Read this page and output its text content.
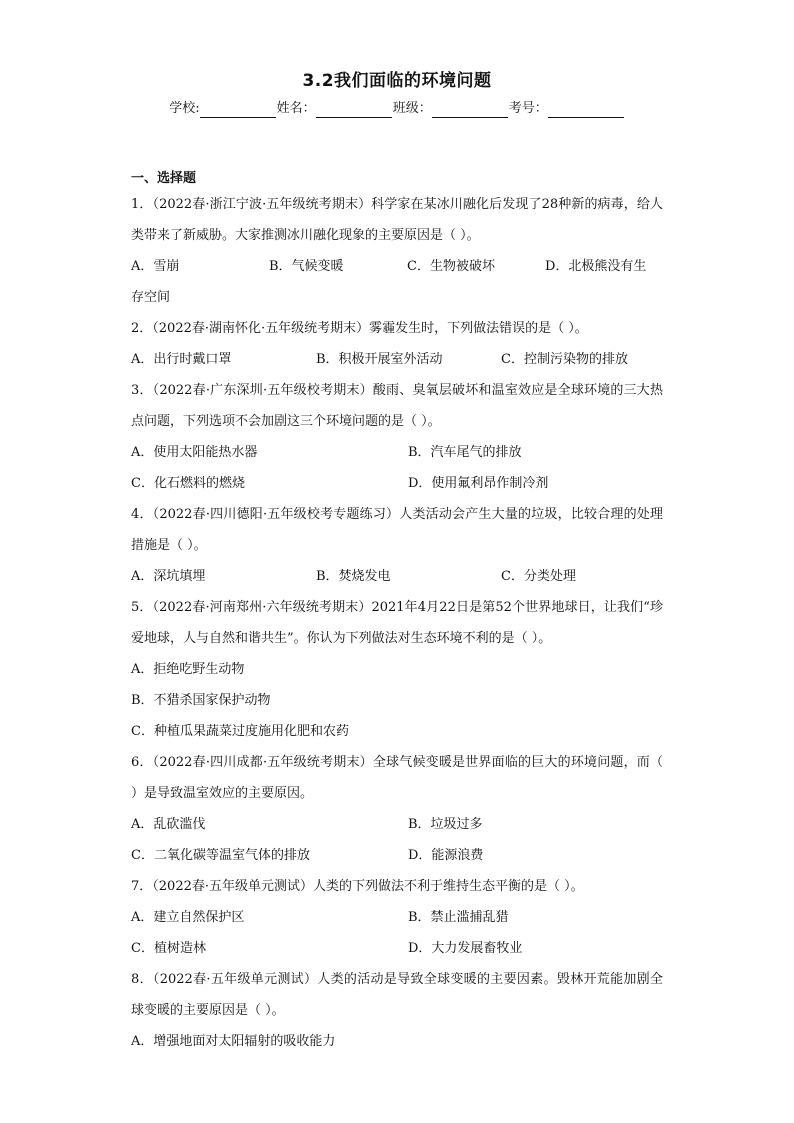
3.2我们面临的环境问题
学校:	姓名：	班级：	考号：
一、选择题

1．（2022春·浙江宁波·五年级统考期末）科学家在某冰川融化后发现了28种新的病毒，给人类带来了新威胁。大家推测冰川融化现象的主要原因是（ ）。

A．雪崩	B．气候变暖	C．生物被破坏	D．北极熊没有生

存空间

2．（2022春·湖南怀化·五年级统考期末）雾霾发生时，下列做法错误的是（ ）。

A．出行时戴口罩	B．积极开展室外活动	C．控制污染物的排放

3．（2022春·广东深圳·五年级校考期末）酸雨、臭氧层破坏和温室效应是全球环境的三大热点问题，下列选项不会加剧这三个环境问题的是（ ）。

A．使用太阳能热水器	B．汽车尾气的排放
C．化石燃料的燃烧	D．使用氟利昂作制冷剂

4．（2022春·四川德阳·五年级校考专题练习）人类活动会产生大量的垃圾，比较合理的处理措施是（ ）。

A．深坑填埋	B．焚烧发电	C．分类处理

5．（2022春·河南郑州·六年级统考期末）2021年4月22日是第52个世界地球日，让我们“珍爱地球，人与自然和谐共生”。你认为下列做法对生态环境不利的是（ ）。

A．拒绝吃野生动物
B．不猎杀国家保护动物
C．种植瓜果蔬菜过度施用化肥和农药

6．（2022春·四川成都·五年级统考期末）全球气候变暖是世界面临的巨大的环境问题，而（ ）是导致温室效应的主要原因。

A．乱砍滥伐	B．垃圾过多
C．二氧化碳等温室气体的排放	D．能源浪费

7．（2022春·五年级单元测试）人类的下列做法不利于维持生态平衡的是（ ）。

A．建立自然保护区	B．禁止滥捕乱猎
C．植树造林	D．大力发展畜牧业

8．（2022春·五年级单元测试）人类的活动是导致全球变暖的主要因素。毁林开荒能加剧全球变暖的主要原因是（ ）。

A．增强地面对太阳辐射的吸收能力
